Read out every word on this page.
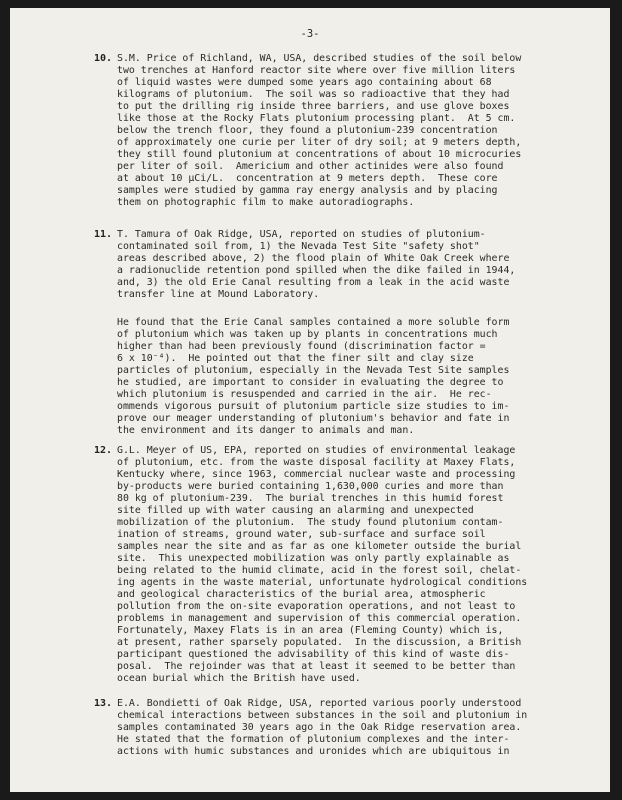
-3-
10. S.M. Price of Richland, WA, USA, described studies of the soil below
two trenches at Hanford reactor site where over five million liters
of liquid wastes were dumped some years ago containing about 68
kilograms of plutonium.  The soil was so radioactive that they had
to put the drilling rig inside three barriers, and use glove boxes
like those at the Rocky Flats plutonium processing plant.  At 5 cm.
below the trench floor, they found a plutonium-239 concentration
of approximately one curie per liter of dry soil; at 9 meters depth,
they still found plutonium at concentrations of about 10 microcuries
per liter of soil.  Americium and other actinides were also found
at about 10 μCi/L.  concentration at 9 meters depth.  These core
samples were studied by gamma ray energy analysis and by placing
them on photographic film to make autoradiographs.
11. T. Tamura of Oak Ridge, USA, reported on studies of plutonium-
contaminated soil from, 1) the Nevada Test Site "safety shot"
areas described above, 2) the flood plain of White Oak Creek where
a radionuclide retention pond spilled when the dike failed in 1944,
and, 3) the old Erie Canal resulting from a leak in the acid waste
transfer line at Mound Laboratory.
He found that the Erie Canal samples contained a more soluble form
of plutonium which was taken up by plants in concentrations much
higher than had been previously found (discrimination factor =
6 x 10⁻⁴).  He pointed out that the finer silt and clay size
particles of plutonium, especially in the Nevada Test Site samples
he studied, are important to consider in evaluating the degree to
which plutonium is resuspended and carried in the air.  He rec-
ommends vigorous pursuit of plutonium particle size studies to im-
prove our meager understanding of plutonium's behavior and fate in
the environment and its danger to animals and man.
12. G.L. Meyer of US, EPA, reported on studies of environmental leakage
of plutonium, etc. from the waste disposal facility at Maxey Flats,
Kentucky where, since 1963, commercial nuclear waste and processing
by-products were buried containing 1,630,000 curies and more than
80 kg of plutonium-239.  The burial trenches in this humid forest
site filled up with water causing an alarming and unexpected
mobilization of the plutonium.  The study found plutonium contam-
ination of streams, ground water, sub-surface and surface soil
samples near the site and as far as one kilometer outside the burial
site.  This unexpected mobilization was only partly explainable as
being related to the humid climate, acid in the forest soil, chelat-
ing agents in the waste material, unfortunate hydrological conditions
and geological characteristics of the burial area, atmospheric
pollution from the on-site evaporation operations, and not least to
problems in management and supervision of this commercial operation.
Fortunately, Maxey Flats is in an area (Fleming County) which is,
at present, rather sparsely populated.  In the discussion, a British
participant questioned the advisability of this kind of waste dis-
posal.  The rejoinder was that at least it seemed to be better than
ocean burial which the British have used.
13. E.A. Bondietti of Oak Ridge, USA, reported various poorly understood
chemical interactions between substances in the soil and plutonium in
samples contaminated 30 years ago in the Oak Ridge reservation area.
He stated that the formation of plutonium complexes and the inter-
actions with humic substances and uronides which are ubiquitous in
